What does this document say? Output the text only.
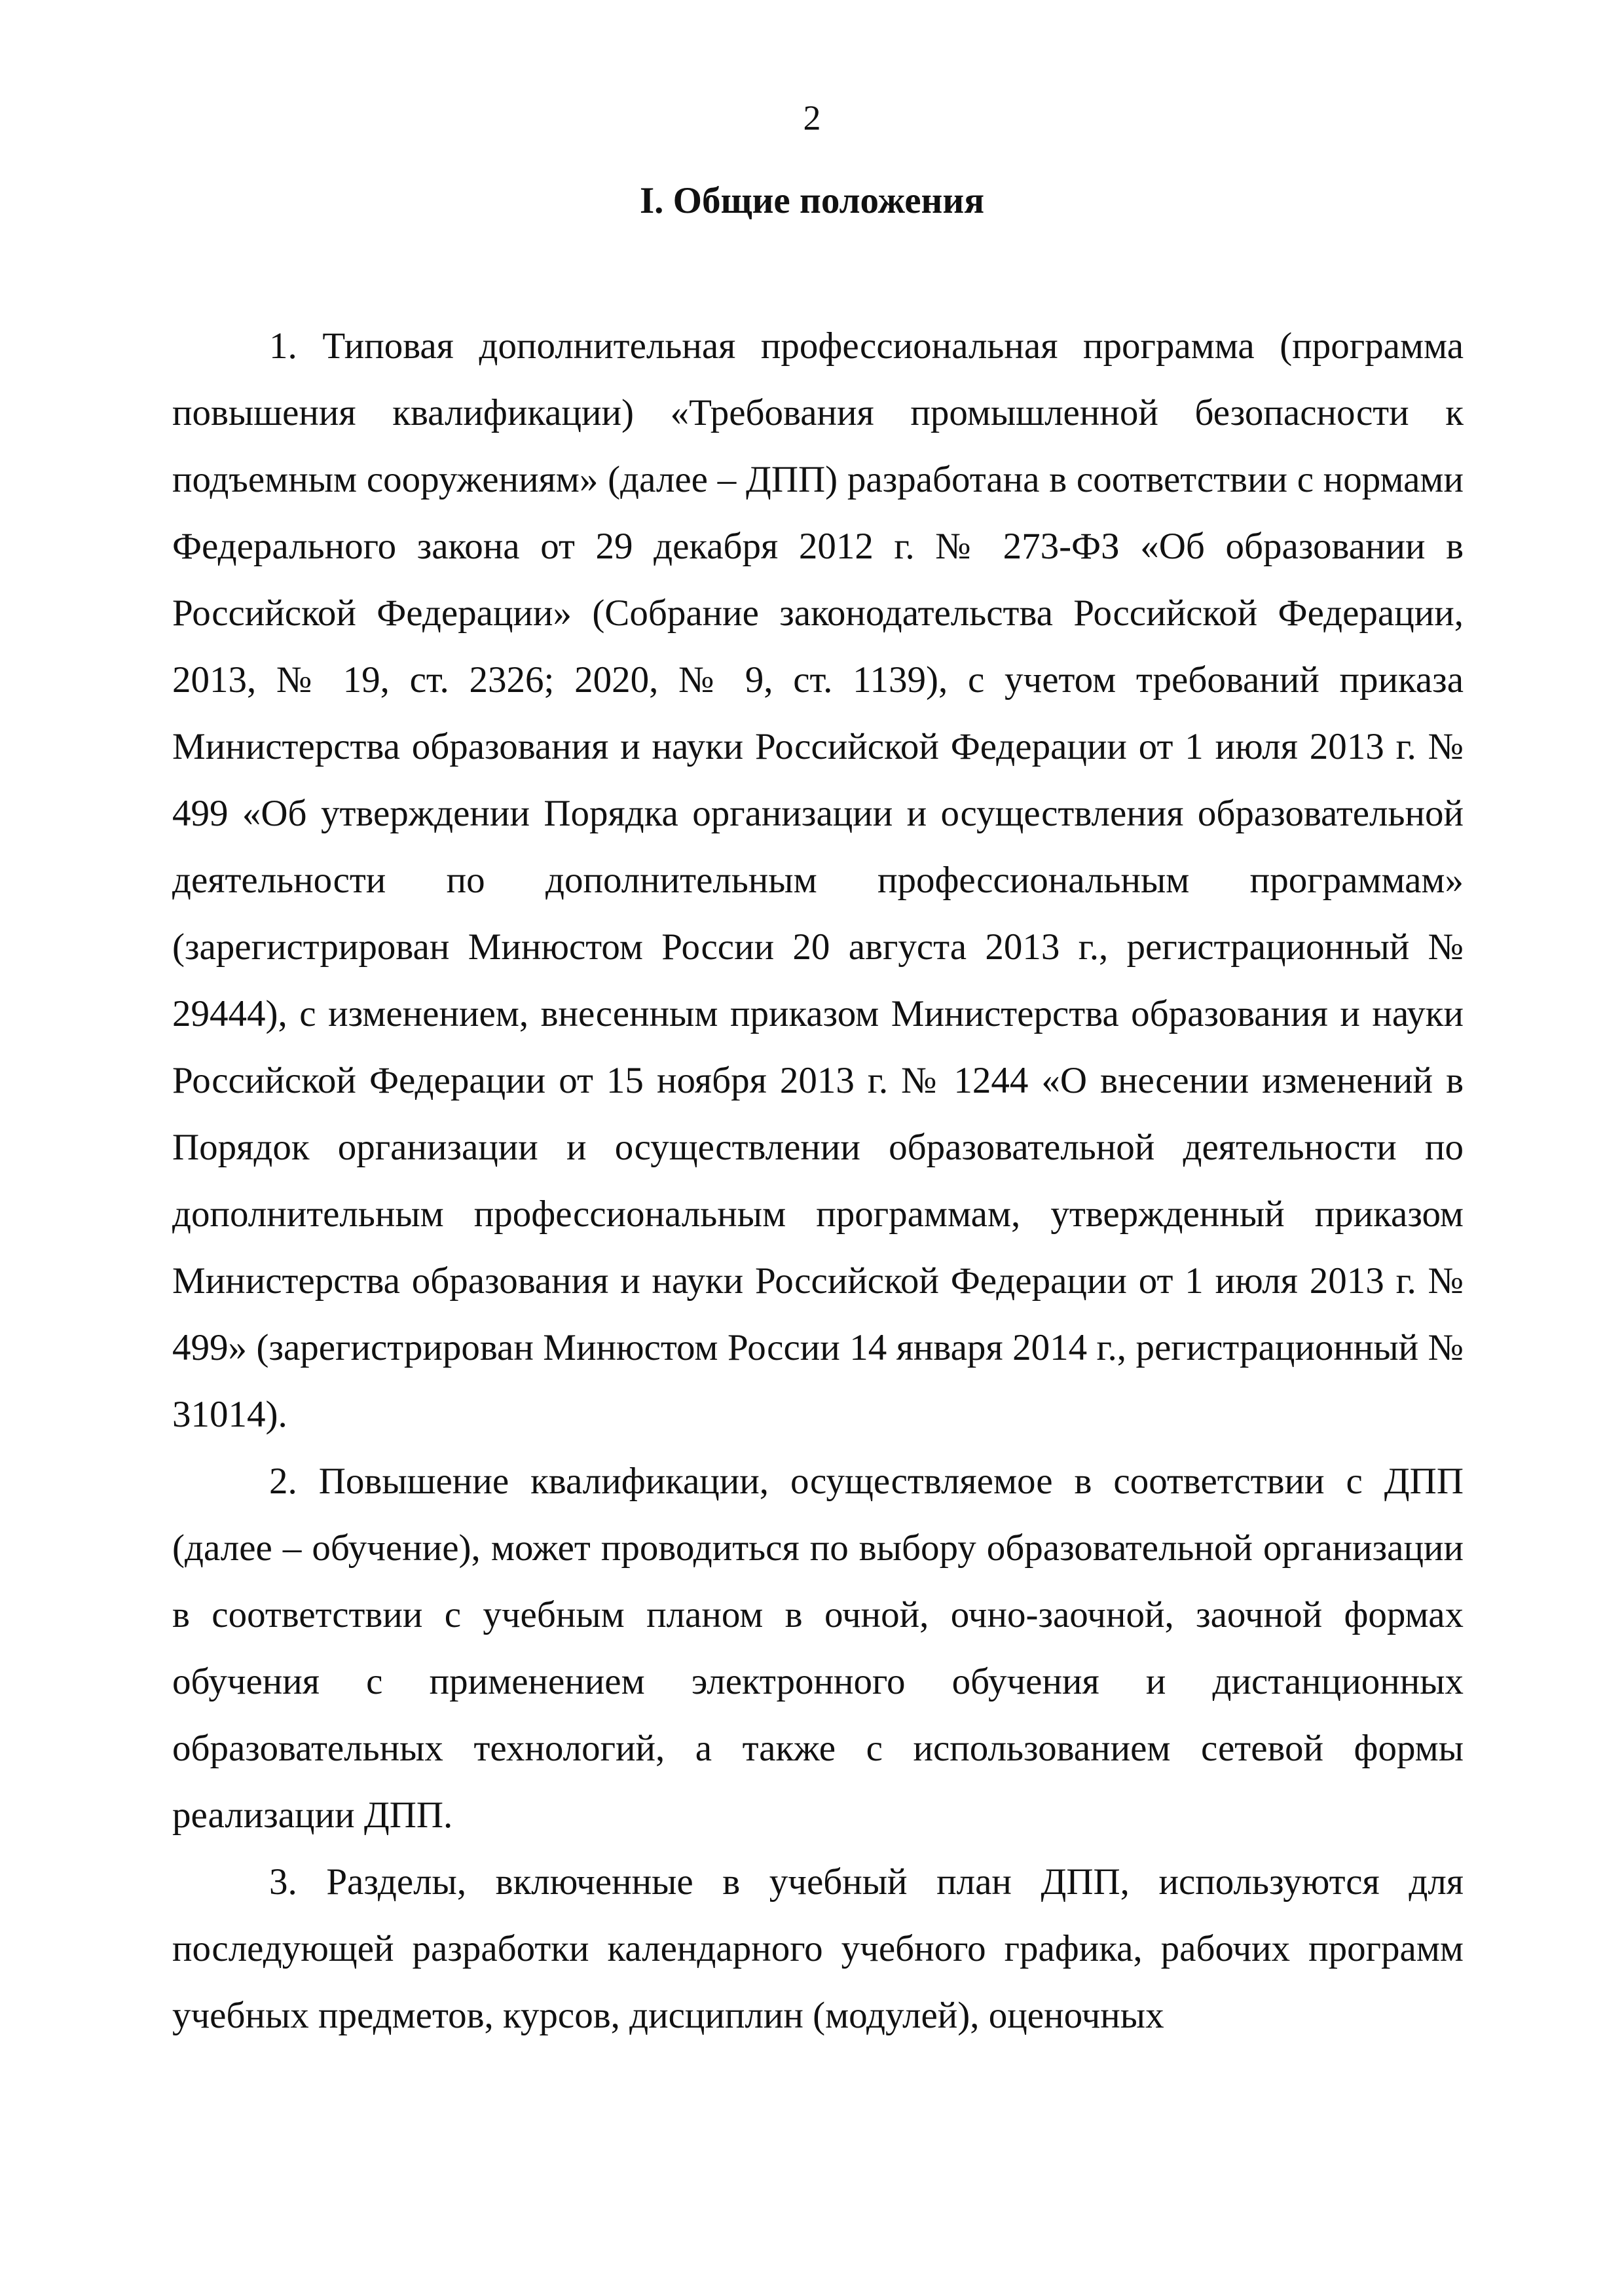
2
I. Общие положения

1. Типовая дополнительная профессиональная программа (программа повышения квалификации) «Требования промышленной безопасности к подъемным сооружениям» (далее – ДПП) разработана в соответствии с нормами Федерального закона от 29 декабря 2012 г. № 273-ФЗ «Об образовании в Российской Федерации» (Собрание законодательства Российской Федерации, 2013, № 19, ст. 2326; 2020, № 9, ст. 1139), с учетом требований приказа Министерства образования и науки Российской Федерации от 1 июля 2013 г. № 499 «Об утверждении Порядка организации и осуществления образовательной деятельности по дополнительным профессиональным программам» (зарегистрирован Минюстом России 20 августа 2013 г., регистрационный № 29444), с изменением, внесенным приказом Министерства образования и науки Российской Федерации от 15 ноября 2013 г. № 1244 «О внесении изменений в Порядок организации и осуществлении образовательной деятельности по дополнительным профессиональным программам, утвержденный приказом Министерства образования и науки Российской Федерации от 1 июля 2013 г. № 499» (зарегистрирован Минюстом России 14 января 2014 г., регистрационный № 31014).

2. Повышение квалификации, осуществляемое в соответствии с ДПП (далее – обучение), может проводиться по выбору образовательной организации в соответствии с учебным планом в очной, очно-заочной, заочной формах обучения с применением электронного обучения и дистанционных образовательных технологий, а также с использованием сетевой формы реализации ДПП.

3. Разделы, включенные в учебный план ДПП, используются для последующей разработки календарного учебного графика, рабочих программ учебных предметов, курсов, дисциплин (модулей), оценочных
